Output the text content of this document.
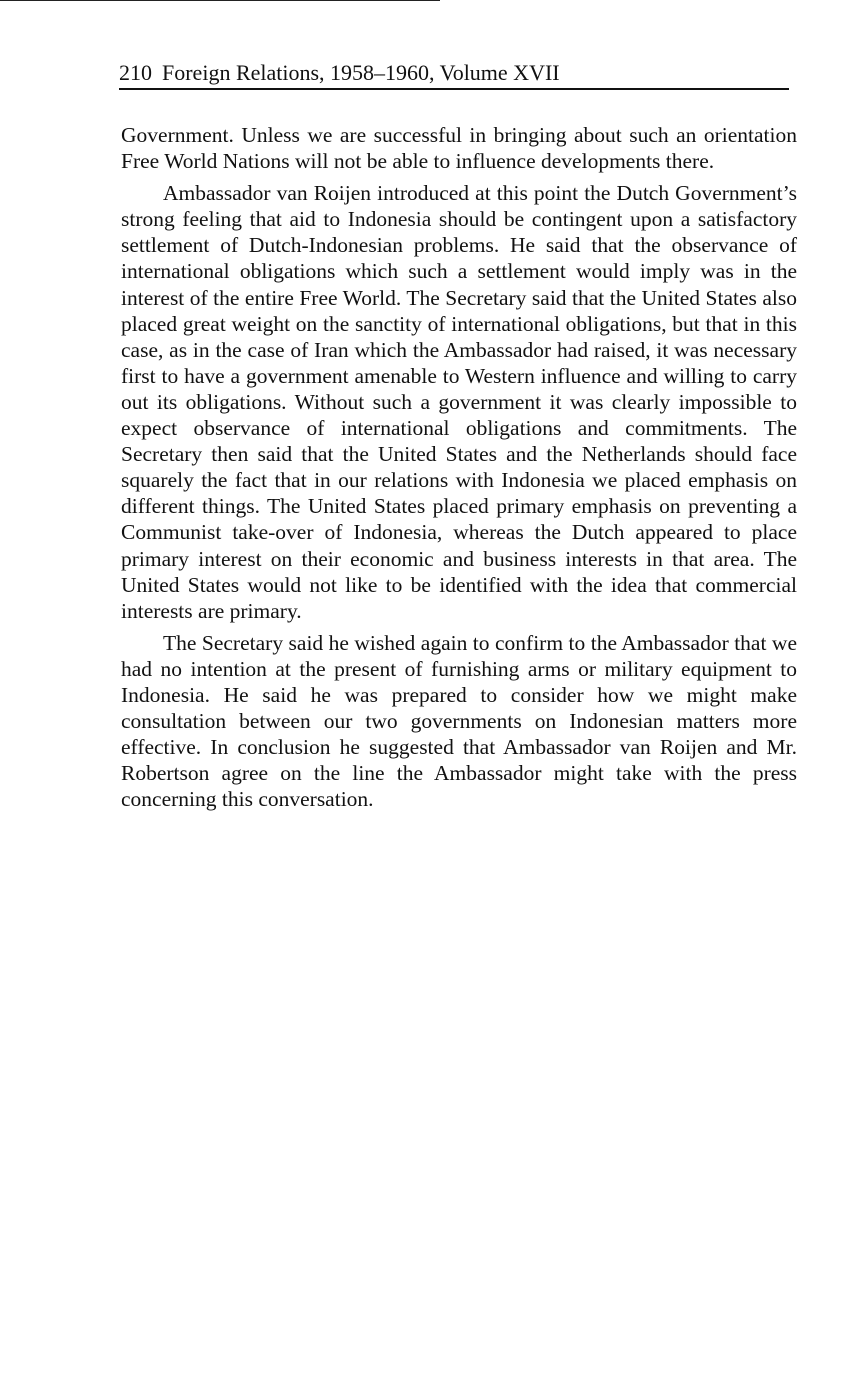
210 Foreign Relations, 1958–1960, Volume XVII

Government. Unless we are successful in bringing about such an orientation Free World Nations will not be able to influence developments there.

Ambassador van Roijen introduced at this point the Dutch Government’s strong feeling that aid to Indonesia should be contingent upon a satisfactory settlement of Dutch-Indonesian problems. He said that the observance of international obligations which such a settlement would imply was in the interest of the entire Free World. The Secretary said that the United States also placed great weight on the sanctity of international obligations, but that in this case, as in the case of Iran which the Ambassador had raised, it was necessary first to have a government amenable to Western influence and willing to carry out its obligations. Without such a government it was clearly impossible to expect observance of international obligations and commitments. The Secretary then said that the United States and the Netherlands should face squarely the fact that in our relations with Indonesia we placed emphasis on different things. The United States placed primary emphasis on preventing a Communist take-over of Indonesia, whereas the Dutch appeared to place primary interest on their economic and business interests in that area. The United States would not like to be identified with the idea that commercial interests are primary.

The Secretary said he wished again to confirm to the Ambassador that we had no intention at the present of furnishing arms or military equipment to Indonesia. He said he was prepared to consider how we might make consultation between our two governments on Indonesian matters more effective. In conclusion he suggested that Ambassador van Roijen and Mr. Robertson agree on the line the Ambassador might take with the press concerning this conversation.
